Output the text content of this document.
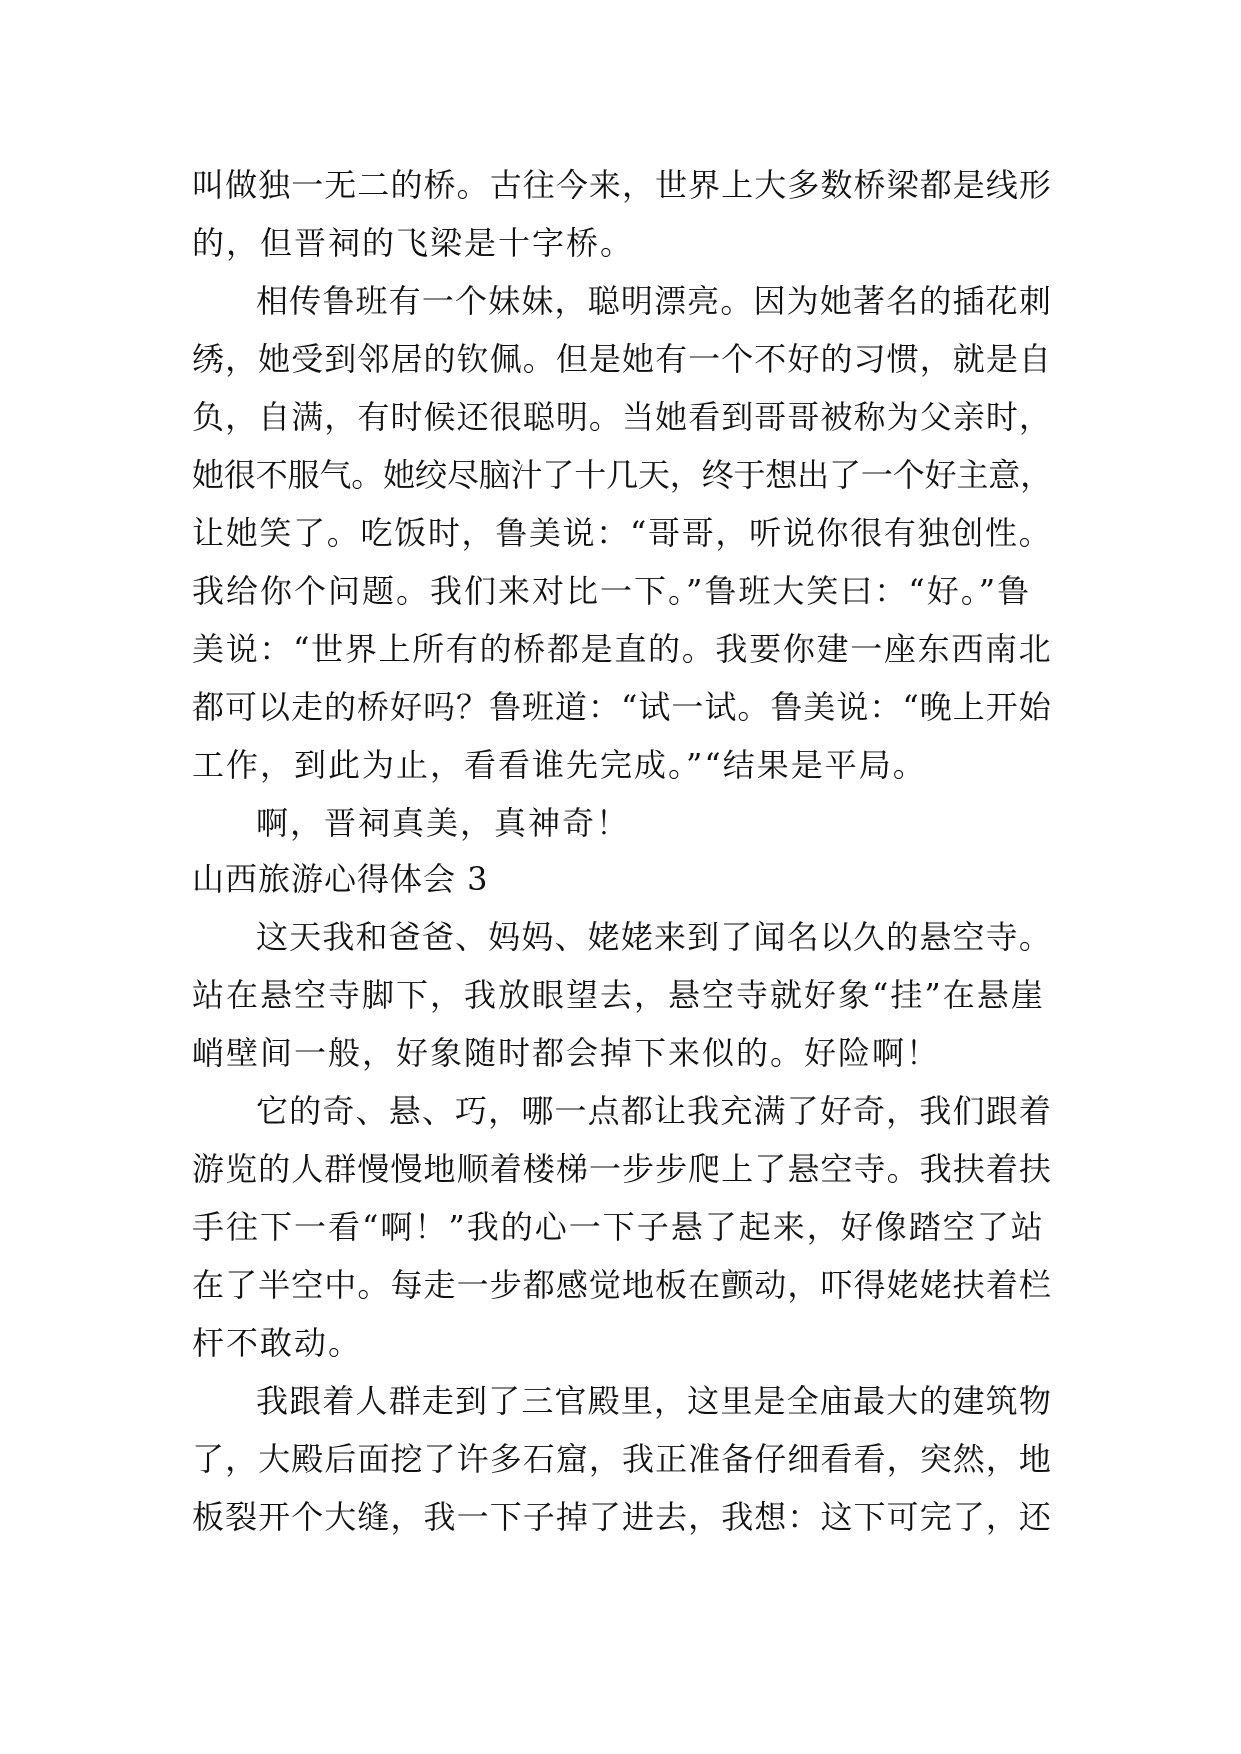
叫做独一无二的桥。古往今来，世界上大多数桥梁都是线形
的，但晋祠的飞梁是十字桥。
相传鲁班有一个妹妹，聪明漂亮。因为她著名的插花刺
绣，她受到邻居的钦佩。但是她有一个不好的习惯，就是自
负，自满，有时候还很聪明。当她看到哥哥被称为父亲时，
她很不服气。她绞尽脑汁了十几天，终于想出了一个好主意，
让她笑了。吃饭时，鲁美说：“哥哥，听说你很有独创性。
我给你个问题。我们来对比一下。”鲁班大笑曰：“好。”鲁
美说：“世界上所有的桥都是直的。我要你建一座东西南北
都可以走的桥好吗？鲁班道：“试一试。鲁美说：“晚上开始
工作，到此为止，看看谁先完成。”“结果是平局。
啊，晋祠真美，真神奇！
山西旅游心得体会 3
这天我和爸爸、妈妈、姥姥来到了闻名以久的悬空寺。
站在悬空寺脚下，我放眼望去，悬空寺就好象“挂”在悬崖
峭壁间一般，好象随时都会掉下来似的。好险啊！
它的奇、悬、巧，哪一点都让我充满了好奇，我们跟着
游览的人群慢慢地顺着楼梯一步步爬上了悬空寺。我扶着扶
手往下一看“啊！”我的心一下子悬了起来，好像踏空了站
在了半空中。每走一步都感觉地板在颤动，吓得姥姥扶着栏
杆不敢动。
我跟着人群走到了三官殿里，这里是全庙最大的建筑物
了，大殿后面挖了许多石窟，我正准备仔细看看，突然，地
板裂开个大缝，我一下子掉了进去，我想：这下可完了，还
